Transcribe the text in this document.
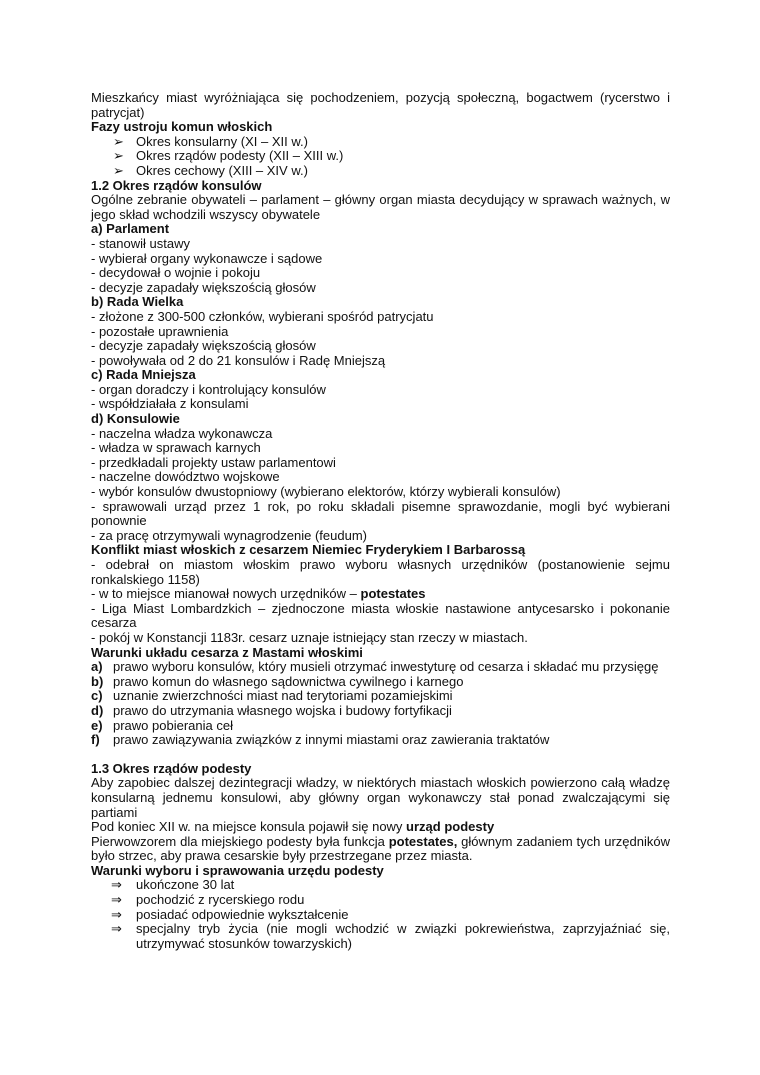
Mieszkańcy miast wyróżniająca się pochodzeniem, pozycją społeczną, bogactwem (rycerstwo i patrycjat)

Fazy ustroju komun włoskich

➢ Okres konsularny (XI – XII w.)
➢ Okres rządów podesty (XII – XIII w.)
➢ Okres cechowy (XIII – XIV w.)

1.2 Okres rządów konsulów

Ogólne zebranie obywateli – parlament – główny organ miasta decydujący w sprawach ważnych, w jego skład wchodzili wszyscy obywatele

a) Parlament

- stanowił ustawy

- wybierał organy wykonawcze i sądowe

- decydował o wojnie i pokoju

- decyzje zapadały większością głosów

b) Rada Wielka

- złożone z 300-500 członków, wybierani spośród patrycjatu

- pozostałe uprawnienia

- decyzje zapadały większością głosów

- powoływała od 2 do 21 konsulów i Radę Mniejszą

c) Rada Mniejsza

- organ doradczy i kontrolujący konsulów

- współdziałała z konsulami

d) Konsulowie

- naczelna władza wykonawcza

- władza w sprawach karnych

- przedkładali projekty ustaw parlamentowi

- naczelne dowództwo wojskowe

- wybór konsulów dwustopniowy (wybierano elektorów, którzy wybierali konsulów)

- sprawowali urząd przez 1 rok, po roku składali pisemne sprawozdanie, mogli być wybierani ponownie

- za pracę otrzymywali wynagrodzenie (feudum)

Konflikt miast włoskich z cesarzem Niemiec Fryderykiem I Barbarossą

- odebrał on miastom włoskim prawo wyboru własnych urzędników (postanowienie sejmu ronkalskiego 1158)

- w to miejsce mianował nowych urzędników – potestates

- Liga Miast Lombardzkich – zjednoczone miasta włoskie nastawione antycesarsko i pokonanie cesarza

- pokój w Konstancji 1183r. cesarz uznaje istniejący stan rzeczy w miastach.

Warunki układu cesarza z Mastami włoskimi

a) prawo wyboru konsulów, który musieli otrzymać inwestyturę od cesarza i składać mu przysięgę
b) prawo komun do własnego sądownictwa cywilnego i karnego
c) uznanie zwierzchności miast nad terytoriami pozamiejskimi
d) prawo do utrzymania własnego wojska i budowy fortyfikacji
e) prawo pobierania ceł
f) prawo zawiązywania związków z innymi miastami oraz zawierania traktatów

1.3 Okres rządów podesty

Aby zapobiec dalszej dezintegracji władzy, w niektórych miastach włoskich powierzono całą władzę konsularną jednemu konsulowi, aby główny organ wykonawczy stał ponad zwalczającymi się partiami

Pod koniec XII w. na miejsce konsula pojawił się nowy urząd podesty

Pierwowzorem dla miejskiego podesty była funkcja potestates, głównym zadaniem tych urzędników było strzec, aby prawa cesarskie były przestrzegane przez miasta.

Warunki wyboru i sprawowania urzędu podesty

⇒ ukończone 30 lat
⇒ pochodzić z rycerskiego rodu
⇒ posiadać odpowiednie wykształcenie
⇒ specjalny tryb życia (nie mogli wchodzić w związki pokrewieństwa, zaprzyjaźniać się, utrzymywać stosunków towarzyskich)
